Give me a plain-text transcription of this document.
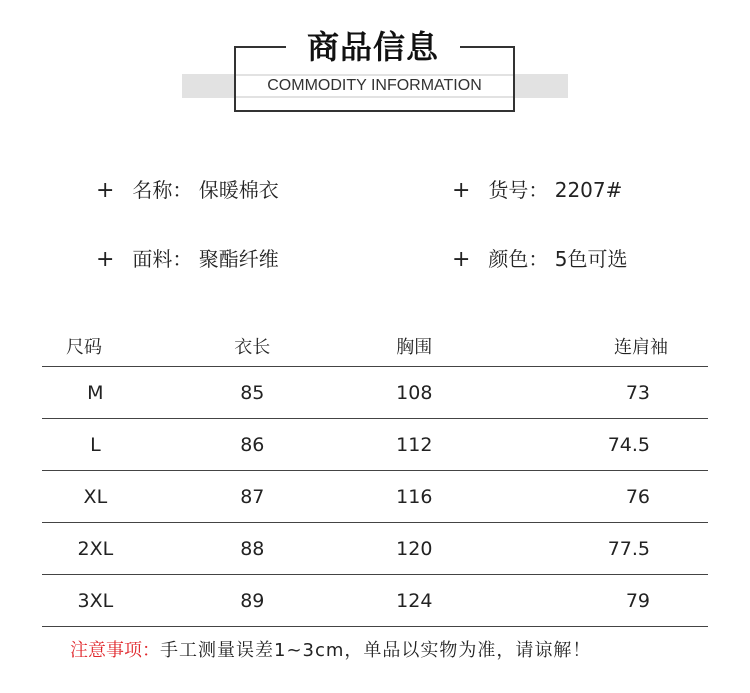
商品信息
COMMODITY INFORMATION
+ 名称： 保暖棉衣	+ 货号： 2207#
+ 面料： 聚酯纤维	+ 颜色： 5色可选
尺码	衣长	胸围	连肩袖
M	85	108	73
L	86	112	74.5
XL	87	116	76
2XL	88	120	77.5
3XL	89	124	79
注意事项：手工测量误差1~3cm，单品以实物为准，请谅解！
